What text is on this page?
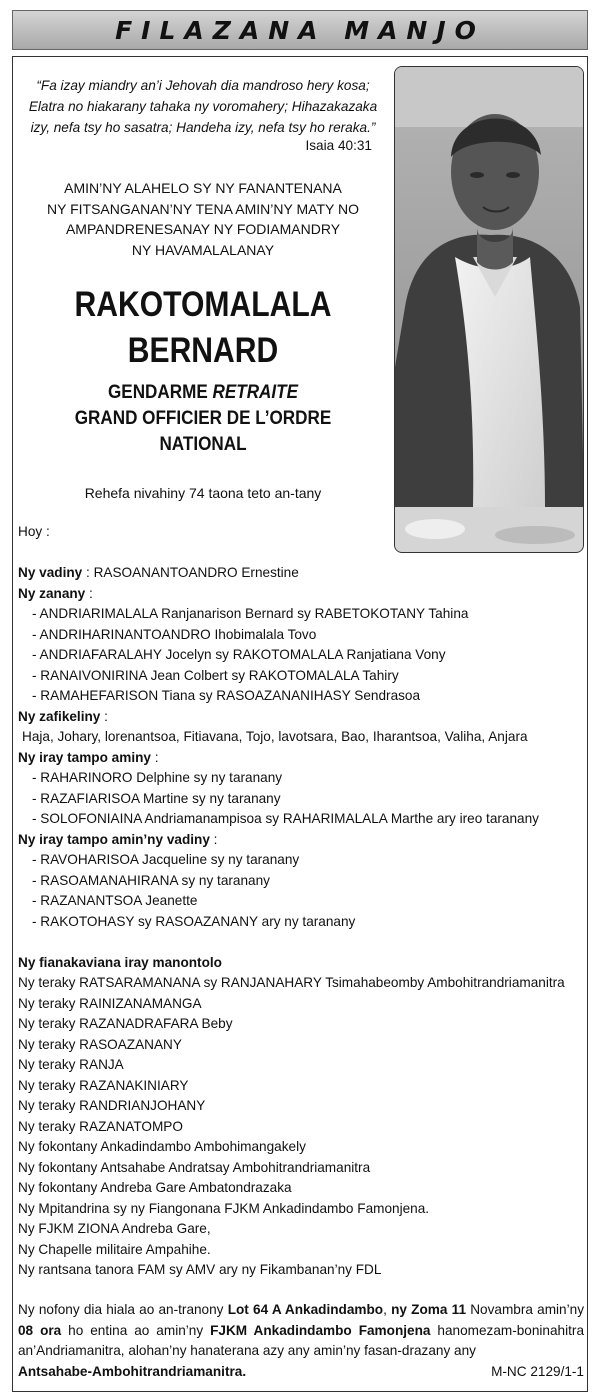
FILAZANA MANJO
“Fa izay miandry an’i Jehovah dia mandroso hery kosa;
Elatra no hiakarany tahaka ny voromahery; Hihazakazaka
izy, nefa tsy ho sasatra; Handeha izy, nefa tsy ho reraka.”
Isaia 40:31
AMIN’NY ALAHELO SY NY FANANTENANA
NY FITSANGANAN’NY TENA AMIN’NY MATY NO
AMPANDRENESANAY NY FODIAMANDRY
NY HAVAMALALANAY
RAKOTOMALALA
BERNARD
GENDARME RETRAITE
GRAND OFFICIER DE L’ORDRE
NATIONAL
Rehefa nivahiny 74 taona teto an-tany
Hoy :
Ny vadiny : RASOANANTOANDRO Ernestine
Ny zanany :
- ANDRIARIMALALA Ranjanarison Bernard sy RABETOKOTANY Tahina
- ANDRIHARINANTOANDRO Ihobimalala Tovo
- ANDRIAFARALAHY Jocelyn sy RAKOTOMALALA Ranjatiana Vony
- RANAIVONIRINA Jean Colbert sy RAKOTOMALALA Tahiry
- RAMAHEFARISON Tiana sy RASOAZANANIHASY Sendrasoa
Ny zafikeliny :
Haja, Johary, lorenantsoa, Fitiavana, Tojo, lavotsara, Bao, Iharantsoa, Valiha, Anjara
Ny iray tampo aminy :
- RAHARINORO Delphine sy ny taranany
- RAZAFIARISOA Martine sy ny taranany
- SOLOFONIAINA Andriamanampisoa sy RAHARIMALALA Marthe ary ireo taranany
Ny iray tampo amin’ny vadiny :
- RAVOHARISOA Jacqueline sy ny taranany
- RASOAMANAHIRANA sy ny taranany
- RAZANANTSOA Jeanette
- RAKOTOHASY sy RASOAZANANY ary ny taranany
Ny fianakaviana iray manontolo
Ny teraky RATSARAMANANA sy RANJANAHARY Tsimahabeomby Ambohitrandriamanitra
Ny teraky RAINIZANAMANGA
Ny teraky RAZANADRAFARA Beby
Ny teraky RASOAZANANY
Ny teraky RANJA
Ny teraky RAZANAKINIARY
Ny teraky RANDRIANJOHANY
Ny teraky RAZANATOMPO
Ny fokontany Ankadindambo Ambohimangakely
Ny fokontany Antsahabe Andratsay Ambohitrandriamanitra
Ny fokontany Andreba Gare Ambatondrazaka
Ny Mpitandrina sy ny Fiangonana FJKM Ankadindambo Famonjena.
Ny FJKM ZIONA Andreba Gare,
Ny Chapelle militaire Ampahihe.
Ny rantsana tanora FAM sy AMV ary ny Fikambanan’ny FDL
Ny nofony dia hiala ao an-tranony Lot 64 A Ankadindambo, ny Zoma 11 Novambra amin’ny 08 ora ho entina ao amin’ny FJKM Ankadindambo Famonjena hanomezam-boninahitra an’Andriamanitra, alohan’ny hanaterana azy any amin’ny fasan-drazany any
Antsahabe-Ambohitrandriamanitra.	M-NC 2129/1-1
